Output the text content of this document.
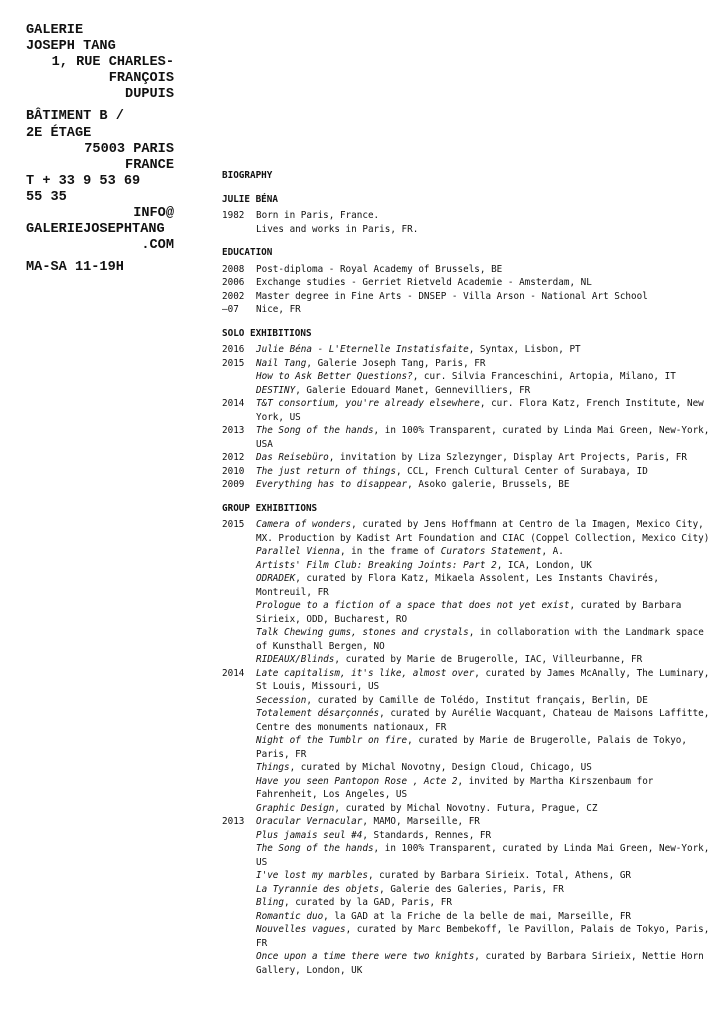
GALERIE
JOSEPH TANG
1, RUE CHARLES-
FRANÇOIS
DUPUIS
BÂTIMENT B /
2E ÉTAGE
75003 PARIS
FRANCE
T + 33 9 53 69
55 35
INFO@
GALERIEJOSEPHTANG
.COM
MA-SA 11-19H
BIOGRAPHY
JULIE BÉNA
1982	Born in Paris, France.
Lives and works in Paris, FR.
EDUCATION
2008	Post-diploma - Royal Academy of Brussels, BE
2006	Exchange studies - Gerriet Rietveld Academie - Amsterdam, NL
2002	Master degree in Fine Arts - DNSEP - Villa Arson - National Art School
–07	Nice, FR
SOLO EXHIBITIONS
2016	Julie Béna - L'Eternelle Instatisfaite, Syntax, Lisbon, PT
2015	Nail Tang, Galerie Joseph Tang, Paris, FR
How to Ask Better Questions?, cur. Silvia Franceschini, Artopia, Milano, IT
DESTINY, Galerie Edouard Manet, Gennevilliers, FR
2014	T&T consortium, you're already elsewhere, cur. Flora Katz, French Institute, New York, US
2013	The Song of the hands, in 100% Transparent, curated by Linda Mai Green, New-York, USA
2012	Das Reisebüro, invitation by Liza Szlezynger, Display Art Projects, Paris, FR
2010	The just return of things, CCL, French Cultural Center of Surabaya, ID
2009	Everything has to disappear, Asoko galerie, Brussels, BE
GROUP EXHIBITIONS
2015	Camera of wonders, curated by Jens Hoffmann at Centro de la Imagen, Mexico City, MX. Production by Kadist Art Foundation and CIAC (Coppel Collection, Mexico City)
Parallel Vienna, in the frame of Curators Statement, A.
Artists' Film Club: Breaking Joints: Part 2, ICA, London, UK
ODRADEK, curated by Flora Katz, Mikaela Assolent, Les Instants Chavirés, Montreuil, FR
Prologue to a fiction of a space that does not yet exist, curated by Barbara Sirieix, ODD, Bucharest, RO
Talk Chewing gums, stones and crystals, in collaboration with the Landmark space of Kunsthall Bergen, NO
RIDEAUX/Blinds, curated by Marie de Brugerolle, IAC, Villeurbanne, FR
2014	Late capitalism, it's like, almost over, curated by James McAnally, The Luminary, St Louis, Missouri, US
Secession, curated by Camille de Tolédo, Institut français, Berlin, DE
Totalement désarçonnés, curated by Aurélie Wacquant, Chateau de Maisons Laffitte, Centre des monuments nationaux, FR
Night of the Tumblr on fire, curated by Marie de Brugerolle, Palais de Tokyo, Paris, FR
Things, curated by Michal Novotny, Design Cloud, Chicago, US
Have you seen Pantopon Rose , Acte 2, invited by Martha Kirszenbaum for Fahrenheit, Los Angeles, US
Graphic Design, curated by Michal Novotny. Futura, Prague, CZ
2013	Oracular Vernacular, MAMO, Marseille, FR
Plus jamais seul #4, Standards, Rennes, FR
The Song of the hands, in 100% Transparent, curated by Linda Mai Green, New-York, US
I've lost my marbles, curated by Barbara Sirieix. Total, Athens, GR
La Tyrannie des objets, Galerie des Galeries, Paris, FR
Bling, curated by la GAD, Paris, FR
Romantic duo, la GAD at la Friche de la belle de mai, Marseille, FR
Nouvelles vagues, curated by Marc Bembekoff, le Pavillon, Palais de Tokyo, Paris, FR
Once upon a time there were two knights, curated by Barbara Sirieix, Nettie Horn Gallery, London, UK
